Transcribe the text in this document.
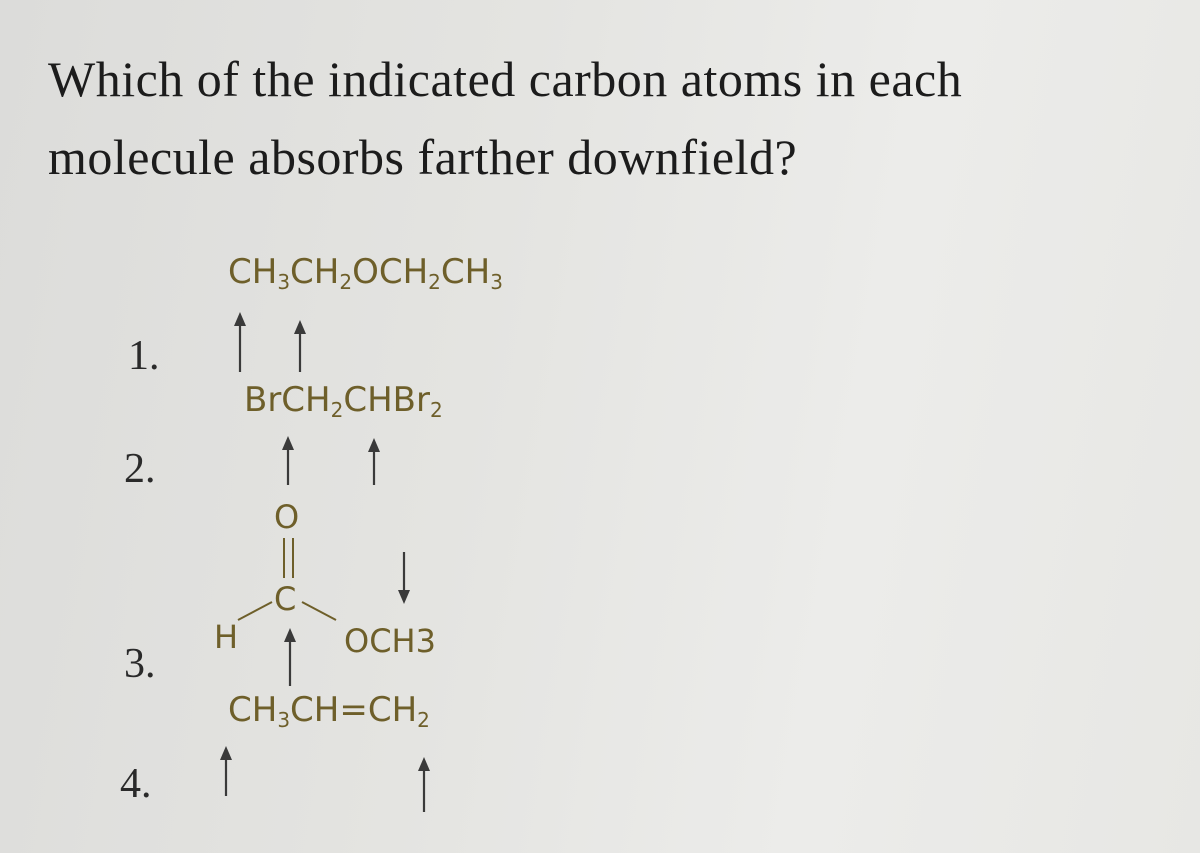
Which of the indicated carbon atoms in each
molecule absorbs farther downfield?
1.
2.
3.
4.
$CH_3CH_2OCH_2CH_3$
BrCH$_2$CHBr$_2$
$CH_3CH=CH_2$
O
C
H	OCH3
